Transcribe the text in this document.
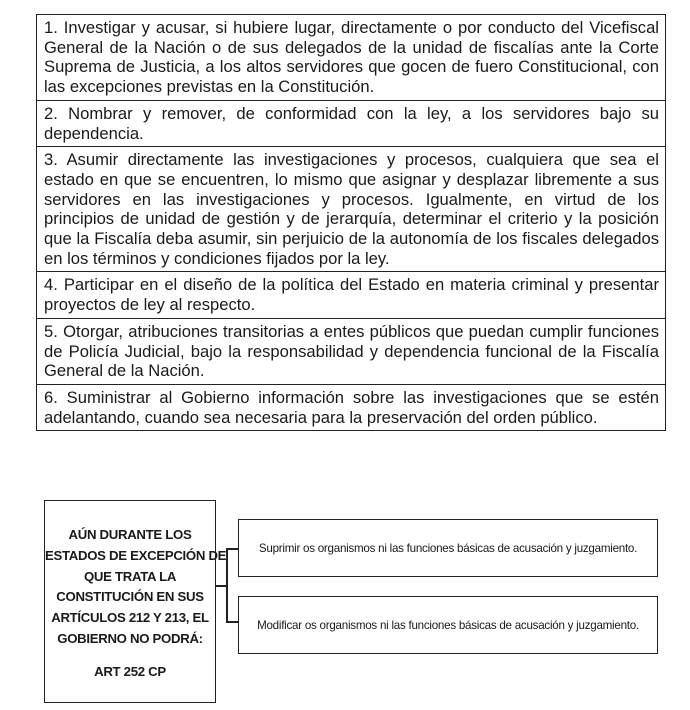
1. Investigar y acusar, si hubiere lugar, directamente o por conducto del Vicefiscal General de la Nación o de sus delegados de la unidad de fiscalías ante la Corte Suprema de Justicia, a los altos servidores que gocen de fuero Constitucional, con las excepciones previstas en la Constitución.
2. Nombrar y remover, de conformidad con la ley, a los servidores bajo su dependencia.
3. Asumir directamente las investigaciones y procesos, cualquiera que sea el estado en que se encuentren, lo mismo que asignar y desplazar libremente a sus servidores en las investigaciones y procesos. Igualmente, en virtud de los principios de unidad de gestión y de jerarquía, determinar el criterio y la posición que la Fiscalía deba asumir, sin perjuicio de la autonomía de los fiscales delegados en los términos y condiciones fijados por la ley.
4. Participar en el diseño de la política del Estado en materia criminal y presentar proyectos de ley al respecto.
5. Otorgar, atribuciones transitorias a entes públicos que puedan cumplir funciones de Policía Judicial, bajo la responsabilidad y dependencia funcional de la Fiscalía General de la Nación.
6. Suministrar al Gobierno información sobre las investigaciones que se estén adelantando, cuando sea necesaria para la preservación del orden público.
AÚN DURANTE LOS
ESTADOS DE EXCEPCIÓN DE
QUE TRATA LA
CONSTITUCIÓN EN SUS
ARTÍCULOS 212 Y 213, EL
GOBIERNO NO PODRÁ:
ART 252 CP
Suprimir os organismos ni las funciones básicas de acusación y juzgamiento.
Modificar os organismos ni las funciones básicas de acusación y juzgamiento.
